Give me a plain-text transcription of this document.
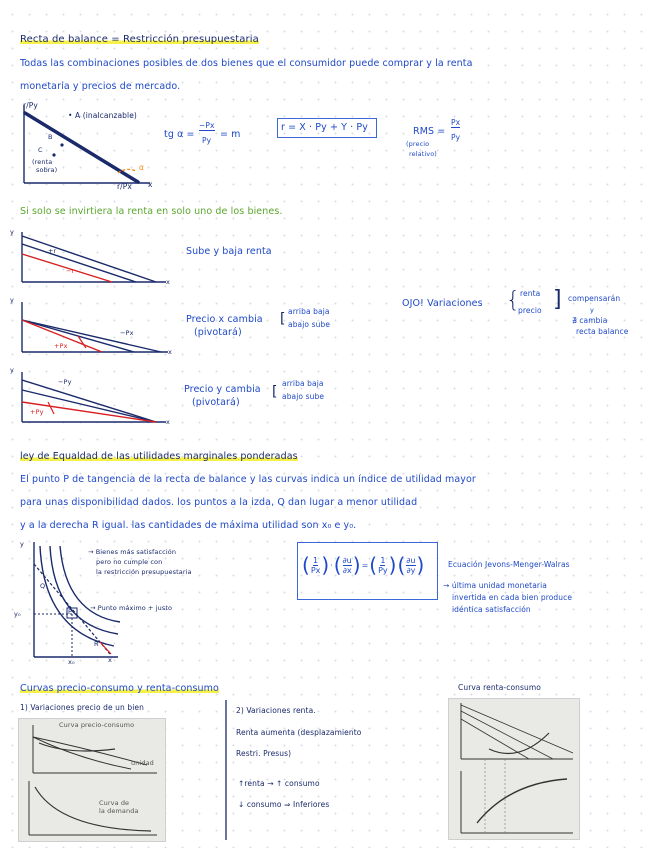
Recta de balance = Restricción presupuestaria
Todas las combinaciones posibles de dos bienes que el consumidor puede comprar y la renta
monetaria y precios de mercado.
r/Py
• A (inalcanzable)
B
C
(renta
sobra)	α
r/Px x
tg α =
−Px
Py
= m
r = X · Py + Y · Py	RMS =
Px
Py
(precio
relativo)
Si solo se invirtiera la renta en solo uno de los bienes.
y
x
+r
−r
Sube y baja renta
y
x
−Px
+Px
Precio x cambia
(pivotará)
[ arriba baja
abajo sube
y
x
−Py
+Py
Precio y cambia
(pivotará)
[
arriba baja
abajo sube
OJO! Variaciones { renta
precio ] compensarán
y
∄ cambia
recta balance
ley de Equaldad de las utilidades marginales ponderadas
El punto P de tangencia de la recta de balance y las curvas indica un índice de utilidad mayor
para unas disponibilidad dados. los puntos a la izda, Q dan lugar a menor utilidad
y a la derecha R igual. las cantidades de máxima utilidad son x₀ e y₀.
y
x
y₀
x₀
Q
P
R
→ Bienes más satisfacción
pero no cumple con
la restricción presupuestaria
→ Punto máximo + justo
( $\frac{1}{Px}$ ) · ( $\frac{\partial u}{\partial x}$ ) = ( $\frac{1}{Py}$ ) ( $\frac{\partial u}{\partial y}$ )	Ecuación Jevons-Menger-Walras
→ última unidad monetaria
invertida en cada bien produce
idéntica satisfacción
Curvas precio-consumo y renta-consumo
1) Variaciones precio de un bien
Curva precio-consumo
unidad
Curva de
la demanda
2) Variaciones renta.
Renta aumenta (desplazamiento
Restri. Presus)
↑renta → ↑ consumo
↓ consumo ⇒ Inferiores
Curva renta-consumo
